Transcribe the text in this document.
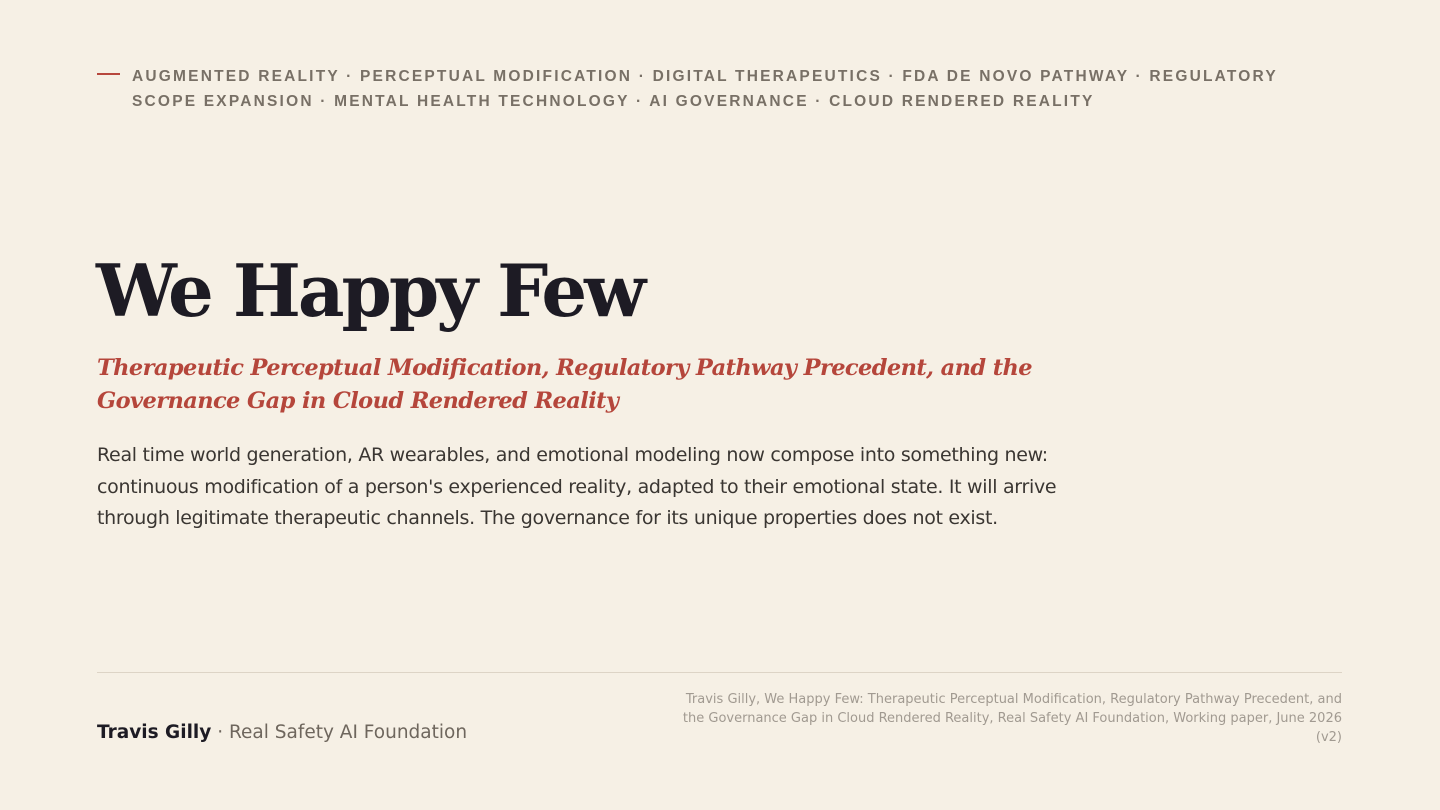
AUGMENTED REALITY · PERCEPTUAL MODIFICATION · DIGITAL THERAPEUTICS · FDA DE NOVO PATHWAY · REGULATORY SCOPE EXPANSION · MENTAL HEALTH TECHNOLOGY · AI GOVERNANCE · CLOUD RENDERED REALITY
We Happy Few
Therapeutic Perceptual Modification, Regulatory Pathway Precedent, and the Governance Gap in Cloud Rendered Reality

Real time world generation, AR wearables, and emotional modeling now compose into something new: continuous modification of a person's experienced reality, adapted to their emotional state. It will arrive through legitimate therapeutic channels. The governance for its unique properties does not exist.

Travis Gilly · Real Safety AI Foundation
Travis Gilly, We Happy Few: Therapeutic Perceptual Modification, Regulatory Pathway Precedent, and the Governance Gap in Cloud Rendered Reality, Real Safety AI Foundation, Working paper, June 2026 (v2)
